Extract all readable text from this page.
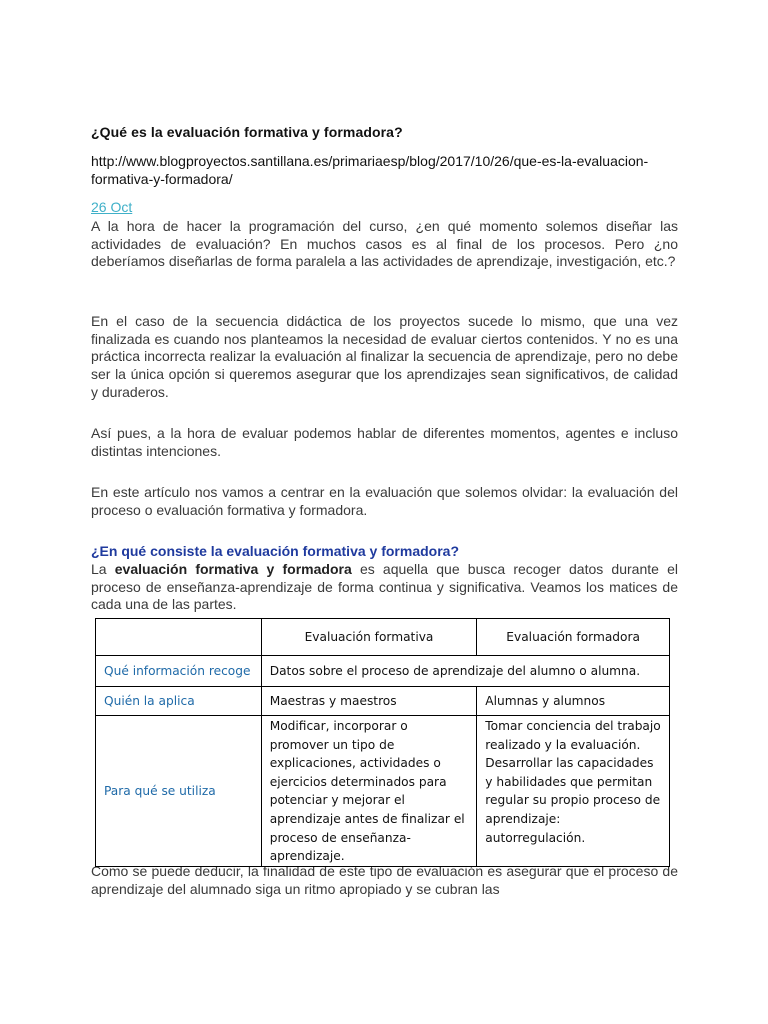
¿Qué es la evaluación formativa y formadora?
http://www.blogproyectos.santillana.es/primariaesp/blog/2017/10/26/que-es-la-evaluacion-formativa-y-formadora/
26 Oct
A la hora de hacer la programación del curso, ¿en qué momento solemos diseñar las actividades de evaluación? En muchos casos es al final de los procesos. Pero ¿no deberíamos diseñarlas de forma paralela a las actividades de aprendizaje, investigación, etc.?
En el caso de la secuencia didáctica de los proyectos sucede lo mismo, que una vez finalizada es cuando nos planteamos la necesidad de evaluar ciertos contenidos. Y no es una práctica incorrecta realizar la evaluación al finalizar la secuencia de aprendizaje, pero no debe ser la única opción si queremos asegurar que los aprendizajes sean significativos, de calidad y duraderos.
Así pues, a la hora de evaluar podemos hablar de diferentes momentos, agentes e incluso distintas intenciones.
En este artículo nos vamos a centrar en la evaluación que solemos olvidar: la evaluación del proceso o evaluación formativa y formadora.
¿En qué consiste la evaluación formativa y formadora?
La evaluación formativa y formadora es aquella que busca recoger datos durante el proceso de enseñanza-aprendizaje de forma continua y significativa. Veamos los matices de cada una de las partes.
Como se puede deducir, la finalidad de este tipo de evaluación es asegurar que el proceso de aprendizaje del alumnado siga un ritmo apropiado y se cubran las
	Evaluación formativa	Evaluación formadora
Qué información recoge	Datos sobre el proceso de aprendizaje del alumno o alumna.	
Quién la aplica	Maestras y maestros	Alumnas y alumnos
Para qué se utiliza	Modificar, incorporar o promover un tipo de explicaciones, actividades o ejercicios determinados para potenciar y mejorar el aprendizaje antes de finalizar el proceso de enseñanza-aprendizaje.	Tomar conciencia del trabajo realizado y la evaluación. Desarrollar las capacidades y habilidades que permitan regular su propio proceso de aprendizaje: autorregulación.
